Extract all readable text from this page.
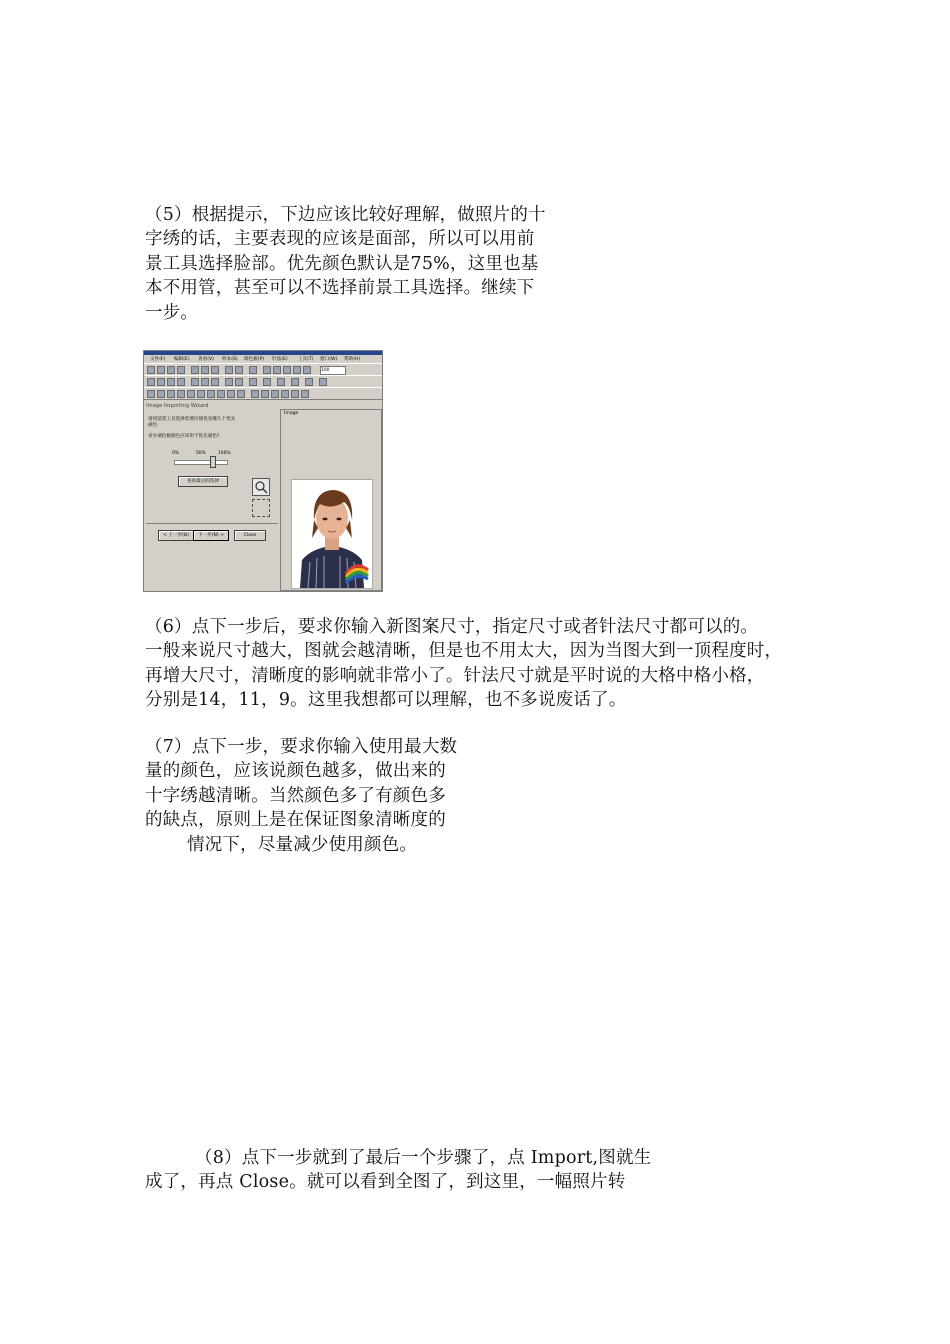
（5）根据提示，下边应该比较好理解，做照片的十
字绣的话，主要表现的应该是面部，所以可以用前
景工具选择脸部。优先颜色默认是75%，这里也基
本不用管，甚至可以不选择前景工具选择。继续下
一步。
文件(F) 编辑(E) 查看(V) 样本(S) 调色板(P) 针法(E) 工具(T) 窗口(W) 帮助(H)
100
Image Importing Wizard
请用前景工具选择您要区域优先哪几个优先颜色
多少调色板颜色应该用于优先颜色?
0%	50%	100%
查看最后的选择
< 上一步(B)	下一步(N) >	Close
Image
（6）点下一步后，要求你输入新图案尺寸，指定尺寸或者针法尺寸都可以的。
一般来说尺寸越大，图就会越清晰，但是也不用太大，因为当图大到一顶程度时，
再增大尺寸，清晰度的影响就非常小了。针法尺寸就是平时说的大格中格小格，
分别是14，11，9。这里我想都可以理解，也不多说废话了。
（7）点下一步，要求你输入使用最大数
量的颜色，应该说颜色越多，做出来的
十字绣越清晰。当然颜色多了有颜色多
的缺点，原则上是在保证图象清晰度的
情况下，尽量减少使用颜色。
（8）点下一步就到了最后一个步骤了，点 Import,图就生
成了，再点 Close。就可以看到全图了，到这里，一幅照片转
